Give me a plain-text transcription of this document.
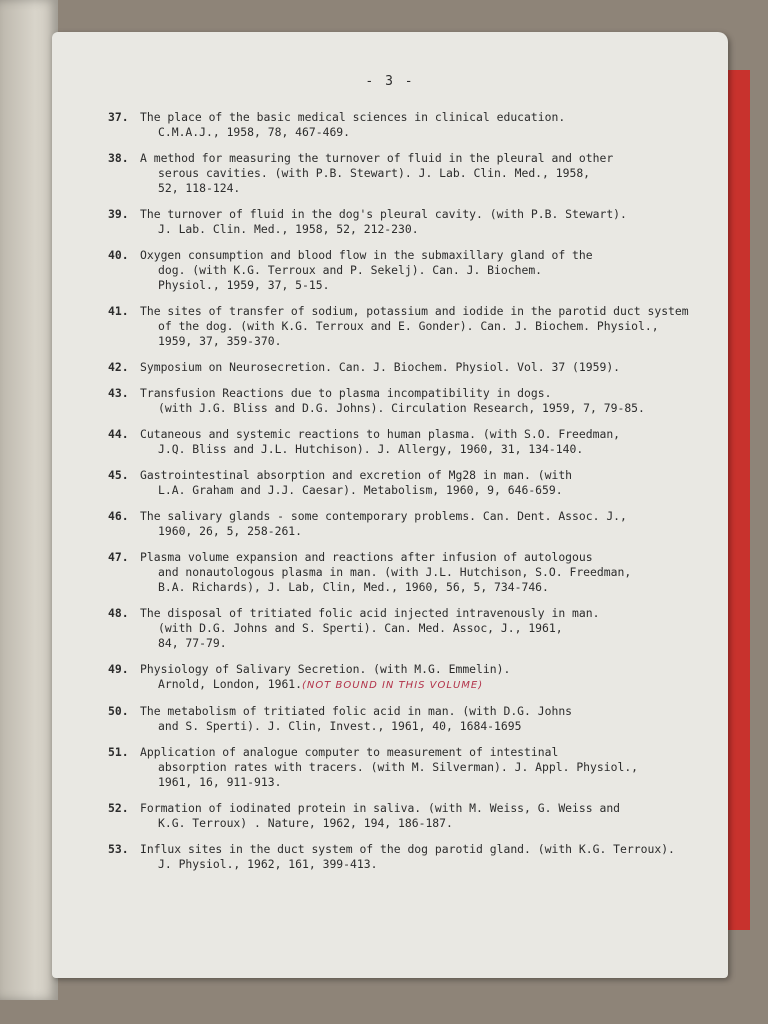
- 3 -
37. The place of the basic medical sciences in clinical education.
C.M.A.J., 1958, 78, 467-469.
38. A method for measuring the turnover of fluid in the pleural and other
serous cavities. (with P.B. Stewart). J. Lab. Clin. Med., 1958,
52, 118-124.
39. The turnover of fluid in the dog's pleural cavity. (with P.B. Stewart).
J. Lab. Clin. Med., 1958, 52, 212-230.
40. Oxygen consumption and blood flow in the submaxillary gland of the
dog. (with K.G. Terroux and P. Sekelj). Can. J. Biochem.
Physiol., 1959, 37, 5-15.
41. The sites of transfer of sodium, potassium and iodide in the parotid duct system
of the dog. (with K.G. Terroux and E. Gonder). Can. J. Biochem. Physiol.,
1959, 37, 359-370.
42. Symposium on Neurosecretion. Can. J. Biochem. Physiol. Vol. 37 (1959).
43. Transfusion Reactions due to plasma incompatibility in dogs.
(with J.G. Bliss and D.G. Johns). Circulation Research, 1959, 7, 79-85.
44. Cutaneous and systemic reactions to human plasma. (with S.O. Freedman,
J.Q. Bliss and J.L. Hutchison). J. Allergy, 1960, 31, 134-140.
45. Gastrointestinal absorption and excretion of Mg28 in man. (with
L.A. Graham and J.J. Caesar). Metabolism, 1960, 9, 646-659.
46. The salivary glands - some contemporary problems. Can. Dent. Assoc. J.,
1960, 26, 5, 258-261.
47. Plasma volume expansion and reactions after infusion of autologous
and nonautologous plasma in man. (with J.L. Hutchison, S.O. Freedman,
B.A. Richards), J. Lab, Clin, Med., 1960, 56, 5, 734-746.
48. The disposal of tritiated folic acid injected intravenously in man.
(with D.G. Johns and S. Sperti). Can. Med. Assoc, J., 1961,
84, 77-79.
49. Physiology of Salivary Secretion. (with M.G. Emmelin).
Arnold, London, 1961.(NOT BOUND IN THIS VOLUME)
50. The metabolism of tritiated folic acid in man. (with D.G. Johns
and S. Sperti). J. Clin, Invest., 1961, 40, 1684-1695
51. Application of analogue computer to measurement of intestinal
absorption rates with tracers. (with M. Silverman). J. Appl. Physiol.,
1961, 16, 911-913.
52. Formation of iodinated protein in saliva. (with M. Weiss, G. Weiss and
K.G. Terroux) . Nature, 1962, 194, 186-187.
53. Influx sites in the duct system of the dog parotid gland. (with K.G. Terroux).
J. Physiol., 1962, 161, 399-413.
